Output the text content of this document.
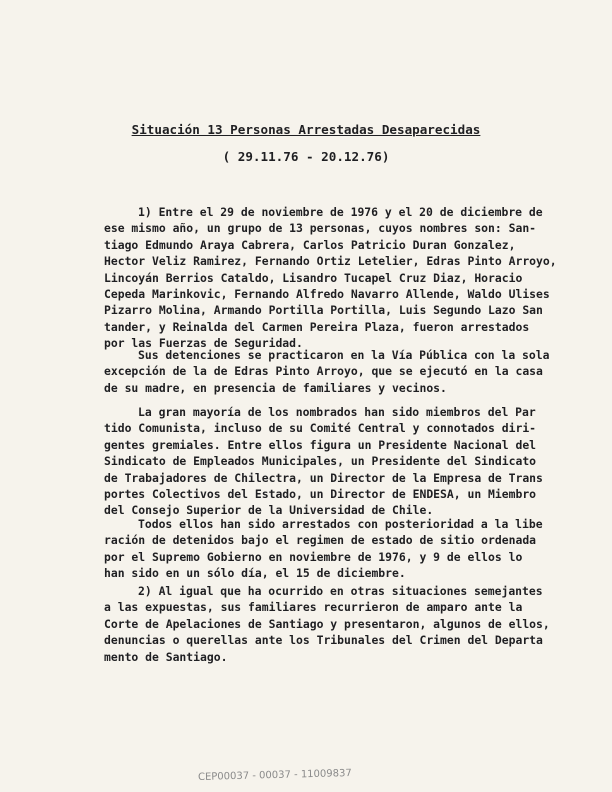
Situación 13 Personas Arrestadas Desaparecidas
( 29.11.76 - 20.12.76)
1) Entre el 29 de noviembre de 1976 y el 20 de diciembre de
ese mismo año, un grupo de 13 personas, cuyos nombres son: San-
tiago Edmundo Araya Cabrera, Carlos Patricio Duran Gonzalez,
Hector Veliz Ramirez, Fernando Ortiz Letelier, Edras Pinto Arroyo,
Lincoyán Berrios Cataldo, Lisandro Tucapel Cruz Diaz, Horacio
Cepeda Marinkovic, Fernando Alfredo Navarro Allende, Waldo Ulises
Pizarro Molina, Armando Portilla Portilla, Luis Segundo Lazo San
tander, y Reinalda del Carmen Pereira Plaza, fueron arrestados
por las Fuerzas de Seguridad.
Sus detenciones se practicaron en la Vía Pública con la sola
excepción de la de Edras Pinto Arroyo, que se ejecutó en la casa
de su madre, en presencia de familiares y vecinos.
La gran mayoría de los nombrados han sido miembros del Par
tido Comunista, incluso de su Comité Central y connotados diri-
gentes gremiales. Entre ellos figura un Presidente Nacional del
Sindicato de Empleados Municipales, un Presidente del Sindicato
de Trabajadores de Chilectra, un Director de la Empresa de Trans
portes Colectivos del Estado, un Director de ENDESA, un Miembro
del Consejo Superior de la Universidad de Chile.
Todos ellos han sido arrestados con posterioridad a la libe
ración de detenidos bajo el regimen de estado de sitio ordenada
por el Supremo Gobierno en noviembre de 1976, y 9 de ellos lo
han sido en un sólo día, el 15 de diciembre.
2) Al igual que ha ocurrido en otras situaciones semejantes
a las expuestas, sus familiares recurrieron de amparo ante la
Corte de Apelaciones de Santiago y presentaron, algunos de ellos,
denuncias o querellas ante los Tribunales del Crimen del Departa
mento de Santiago.
CEP00037 - 00037 - 11009837
